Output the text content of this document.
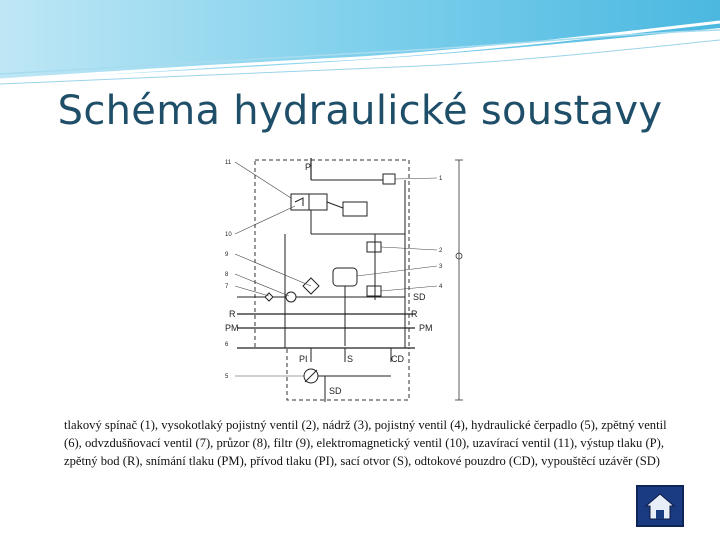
Schéma hydraulické soustavy
P
SD
R	R
PM	PM
PI	S	CD
SD
11
10
9
8
7
6
5
1
2
3
4
tlakový spínač (1), vysokotlaký pojistný ventil (2), nádrž (3), pojistný ventil (4), hydraulické čerpadlo (5), zpětný ventil (6), odvzdušňovací ventil (7), průzor (8), filtr (9), elektromagnetický ventil (10), uzavírací ventil (11), výstup tlaku (P), zpětný bod (R), snímání tlaku (PM), přívod tlaku (PI), sací otvor (S), odtokové pouzdro (CD), vypouštěcí uzávěr (SD)
